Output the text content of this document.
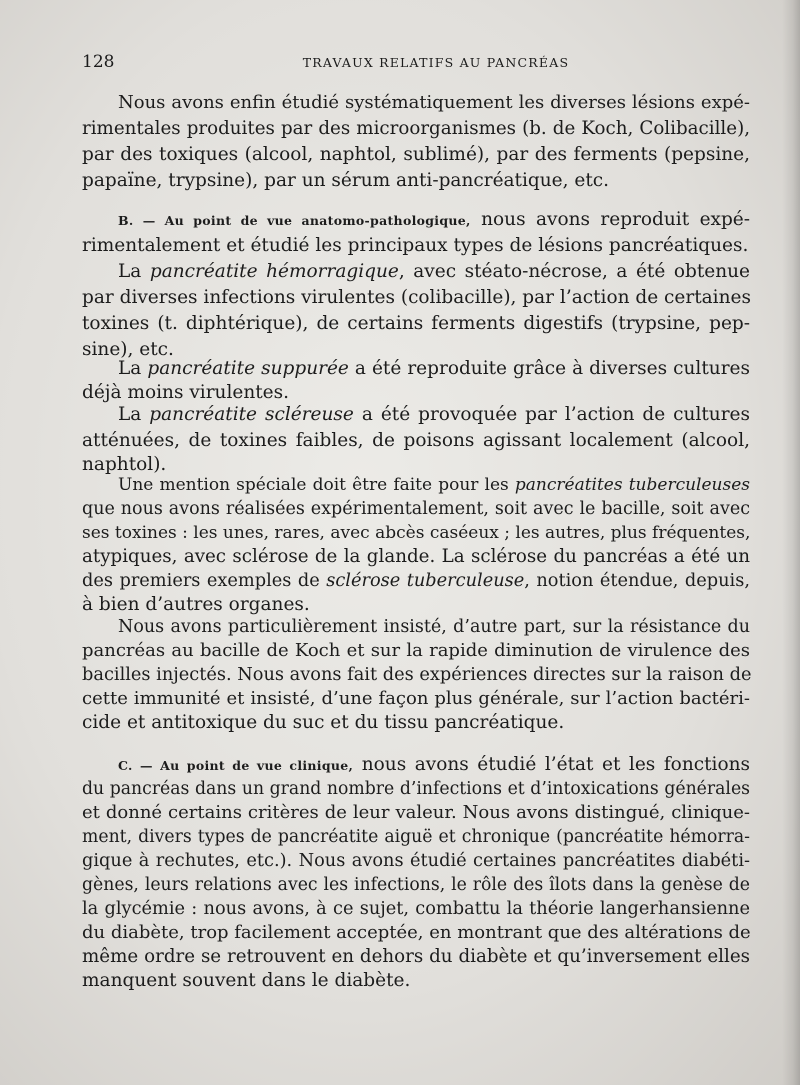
128	TRAVAUX RELATIFS AU PANCRÉAS
Nous avons enfin étudié systématiquement les diverses lésions expé-
rimentales produites par des microorganismes (b. de Koch, Colibacille),
par des toxiques (alcool, naphtol, sublimé), par des ferments (pepsine,
papaïne, trypsine), par un sérum anti-pancréatique, etc.
B. — Au point de vue anatomo-pathologique, nous avons reproduit expé-
rimentalement et étudié les principaux types de lésions pancréatiques.
La pancréatite hémorragique, avec stéato-nécrose, a été obtenue
par diverses infections virulentes (colibacille), par l’action de certaines
toxines (t. diphtérique), de certains ferments digestifs (trypsine, pep-
sine), etc.
La pancréatite suppurée a été reproduite grâce à diverses cultures
déjà moins virulentes.
La pancréatite scléreuse a été provoquée par l’action de cultures
atténuées, de toxines faibles, de poisons agissant localement (alcool,
naphtol).
Une mention spéciale doit être faite pour les pancréatites tuberculeuses
que nous avons réalisées expérimentalement, soit avec le bacille, soit avec
ses toxines : les unes, rares, avec abcès caséeux ; les autres, plus fréquentes,
atypiques, avec sclérose de la glande. La sclérose du pancréas a été un
des premiers exemples de sclérose tuberculeuse, notion étendue, depuis,
à bien d’autres organes.
Nous avons particulièrement insisté, d’autre part, sur la résistance du
pancréas au bacille de Koch et sur la rapide diminution de virulence des
bacilles injectés. Nous avons fait des expériences directes sur la raison de
cette immunité et insisté, d’une façon plus générale, sur l’action bactéri-
cide et antitoxique du suc et du tissu pancréatique.
C. — Au point de vue clinique, nous avons étudié l’état et les fonctions
du pancréas dans un grand nombre d’infections et d’intoxications générales
et donné certains critères de leur valeur. Nous avons distingué, clinique-
ment, divers types de pancréatite aiguë et chronique (pancréatite hémorra-
gique à rechutes, etc.). Nous avons étudié certaines pancréatites diabéti-
gènes, leurs relations avec les infections, le rôle des îlots dans la genèse de
la glycémie : nous avons, à ce sujet, combattu la théorie langerhansienne
du diabète, trop facilement acceptée, en montrant que des altérations de
même ordre se retrouvent en dehors du diabète et qu’inversement elles
manquent souvent dans le diabète.
